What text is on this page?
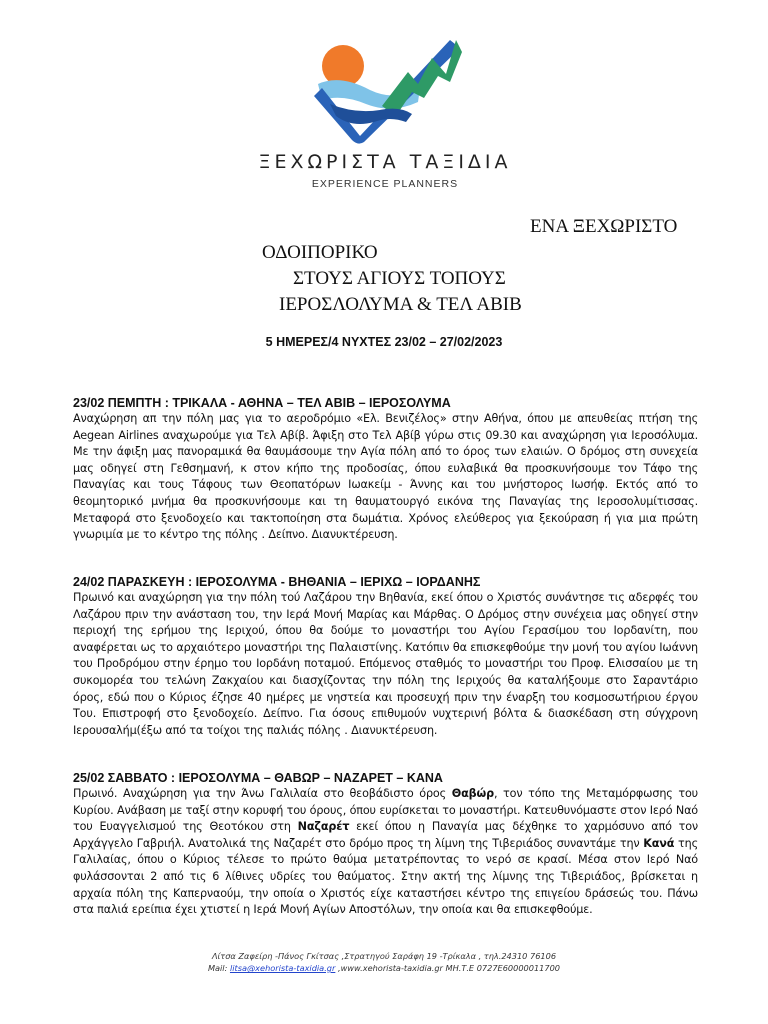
ΞΕΧΩΡΙΣΤΑ ΤΑΞΙΔΙΑ
EXPERIENCE PLANNERS
ΕΝΑ ΞΕΧΩΡΙΣΤΟ
ΟΔΟΙΠΟΡΙΚΟ
ΣΤΟΥΣ ΑΓΙΟΥΣ ΤΟΠΟΥΣ
ΙΕΡΟΣΛΟΛΥΜΑ & ΤΕΛ ΑΒΙΒ
5 ΗΜΕΡΕΣ/4 ΝΥΧΤΕΣ 23/02 – 27/02/2023
23/02 ΠΕΜΠΤΗ : ΤΡΙΚΑΛΑ - ΑΘΗΝΑ – ΤΕΛ ΑΒΙΒ – ΙΕΡΟΣΟΛΥΜΑ

Αναχώρηση απ την πόλη μας για το αεροδρόμιο «Ελ. Βενιζέλος» στην Αθήνα, όπου με απευθείας πτήση της Aegean Airlines αναχωρούμε για Τελ Αβίβ. Άφιξη στο Τελ Αβίβ γύρω στις 09.30 και αναχώρηση για Ιεροσόλυμα. Με την άφιξη μας πανοραμικά θα θαυμάσουμε την Αγία πόλη από το όρος των ελαιών. Ο δρόμος στη συνεχεία μας οδηγεί στη Γεθσημανή, κ στον κήπο της προδοσίας, όπου ευλαβικά θα προσκυνήσουμε τον Τάφο της Παναγίας και τους Τάφους των Θεοπατόρων Ιωακείμ - Άννης και του μνήστορος Ιωσήφ. Εκτός από το θεομητορικό μνήμα θα προσκυνήσουμε και τη θαυματουργό εικόνα της Παναγίας της Ιεροσολυμίτισσας. Μεταφορά στο ξενοδοχείο και τακτοποίηση στα δωμάτια. Χρόνος ελεύθερος για ξεκούραση ή για μια πρώτη γνωριμία με το κέντρο της πόλης . Δείπνο. Διανυκτέρευση.

24/02 ΠΑΡΑΣΚΕΥΗ : ΙΕΡΟΣΟΛΥΜΑ - ΒΗΘΑΝΙΑ – ΙΕΡΙΧΩ – ΙΟΡΔΑΝΗΣ

Πρωινό και αναχώρηση για την πόλη τού Λαζάρου την Βηθανία, εκεί όπου ο Χριστός συνάντησε τις αδερφές του Λαζάρου πριν την ανάσταση του, την Ιερά Μονή Μαρίας και Μάρθας. Ο Δρόμος στην συνέχεια μας οδηγεί στην περιοχή της ερήμου της Ιεριχού, όπου θα δούμε το μοναστήρι του Αγίου Γερασίμου του Ιορδανίτη, που αναφέρεται ως το αρχαιότερο μοναστήρι της Παλαιστίνης. Κατόπιν θα επισκεφθούμε την μονή του αγίου Ιωάννη του Προδρόμου στην έρημο του Ιορδάνη ποταμού. Επόμενος σταθμός το μοναστήρι του Προφ. Ελισσαίου με τη συκομορέα του τελώνη Ζακχαίου και διασχίζοντας την πόλη της Ιεριχούς θα καταλήξουμε στο Σαραντάριο όρος, εδώ που ο Κύριος έζησε 40 ημέρες με νηστεία και προσευχή πριν την έναρξη του κοσμοσωτήριου έργου Του. Επιστροφή στο ξενοδοχείο. Δείπνο. Για όσους επιθυμούν νυχτερινή βόλτα & διασκέδαση στη σύγχρονη Ιερουσαλήμ(έξω από τα τοίχοι της παλιάς πόλης . Διανυκτέρευση.

25/02 ΣΑΒΒΑΤΟ : ΙΕΡΟΣΟΛΥΜΑ – ΘΑΒΩΡ – ΝΑΖΑΡΕΤ – ΚΑΝΑ

Πρωινό. Αναχώρηση για την Άνω Γαλιλαία στο θεοβάδιστο όρος Θαβώρ, τον τόπο της Μεταμόρφωσης του Κυρίου. Ανάβαση με ταξί στην κορυφή του όρους, όπου ευρίσκεται το μοναστήρι. Κατευθυνόμαστε στον Ιερό Ναό του Ευαγγελισμού της Θεοτόκου στη Ναζαρέτ εκεί όπου η Παναγία μας δέχθηκε το χαρμόσυνο από τον Αρχάγγελο Γαβριήλ. Ανατολικά της Ναζαρέτ στο δρόμο προς τη λίμνη της Τιβεριάδος συναντάμε την Κανά της Γαλιλαίας, όπου ο Κύριος τέλεσε το πρώτο θαύμα μετατρέποντας το νερό σε κρασί. Μέσα στον Ιερό Ναό φυλάσσονται 2 από τις 6 λίθινες υδρίες του θαύματος. Στην ακτή της λίμνης της Τιβεριάδος, βρίσκεται η αρχαία πόλη της Καπερναούμ, την οποία ο Χριστός είχε καταστήσει κέντρο της επιγείου δράσεώς του. Πάνω στα παλιά ερείπια έχει χτιστεί η Ιερά Μονή Αγίων Αποστόλων, την οποία και θα επισκεφθούμε.

Λίτσα Ζαφείρη -Πάνος Γκίτσας ,Στρατηγού Σαράφη 19 -Τρίκαλα , τηλ.24310 76106
Mail: litsa@xehorista-taxidia.gr ,www.xehorista-taxidia.gr ΜΗ.Τ.Ε 0727Ε60000011700
